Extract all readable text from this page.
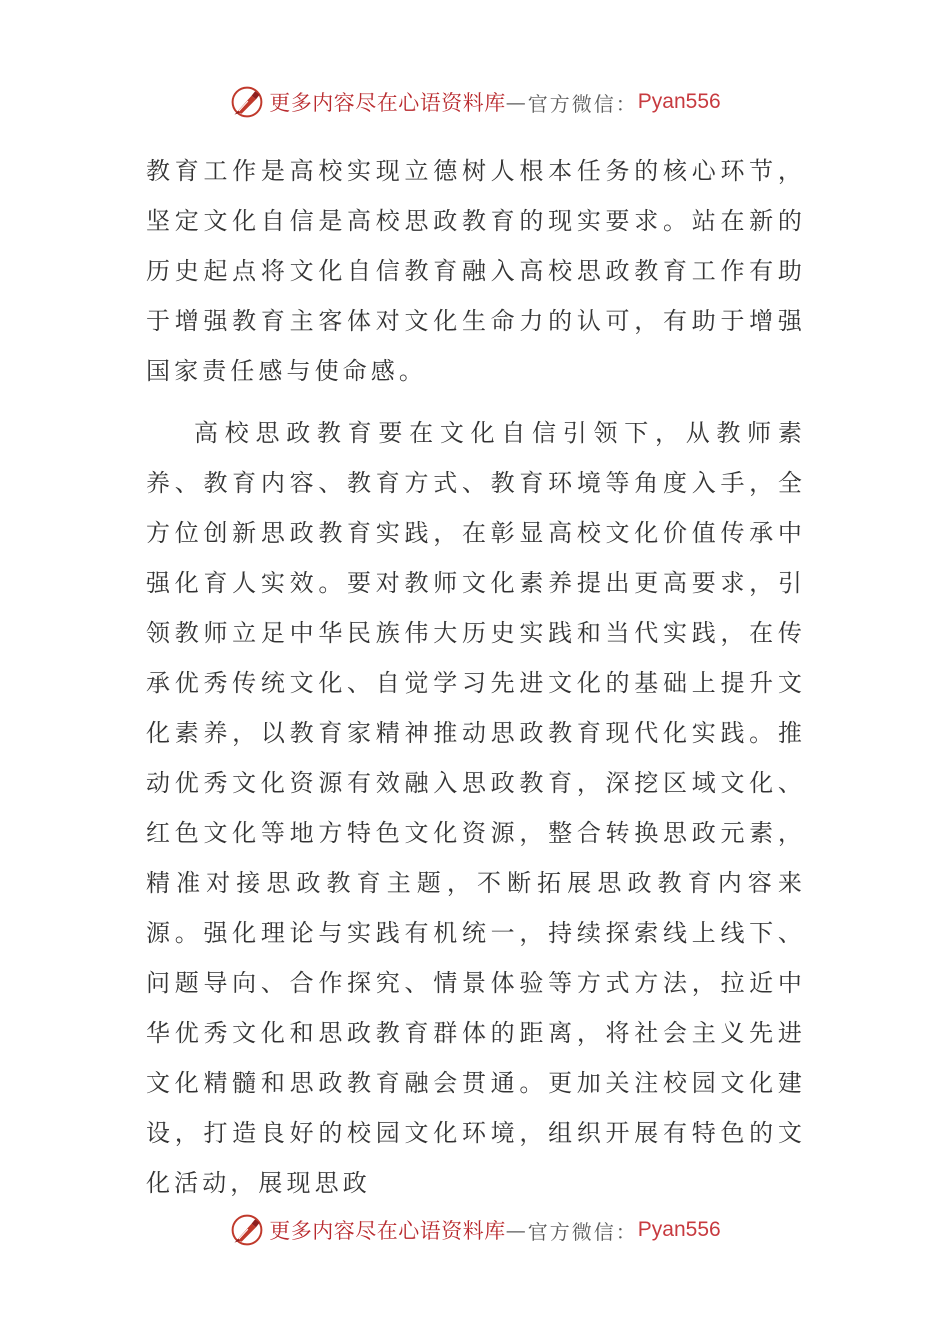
更多内容尽在心语资料库 — 官方微信： Pyan556

教育工作是高校实现立德树人根本任务的核心环节，坚定文化自信是高校思政教育的现实要求。站在新的历史起点将文化自信教育融入高校思政教育工作有助于增强教育主客体对文化生命力的认可，有助于增强国家责任感与使命感。

高校思政教育要在文化自信引领下，从教师素养、教育内容、教育方式、教育环境等角度入手，全方位创新思政教育实践，在彰显高校文化价值传承中强化育人实效。要对教师文化素养提出更高要求，引领教师立足中华民族伟大历史实践和当代实践，在传承优秀传统文化、自觉学习先进文化的基础上提升文化素养，以教育家精神推动思政教育现代化实践。推动优秀文化资源有效融入思政教育，深挖区域文化、红色文化等地方特色文化资源，整合转换思政元素，精准对接思政教育主题，不断拓展思政教育内容来源。强化理论与实践有机统一，持续探索线上线下、问题导向、合作探究、情景体验等方式方法，拉近中华优秀文化和思政教育群体的距离，将社会主义先进文化精髓和思政教育融会贯通。更加关注校园文化建设，打造良好的校园文化环境，组织开展有特色的文化活动，展现思政

更多内容尽在心语资料库 — 官方微信： Pyan556
